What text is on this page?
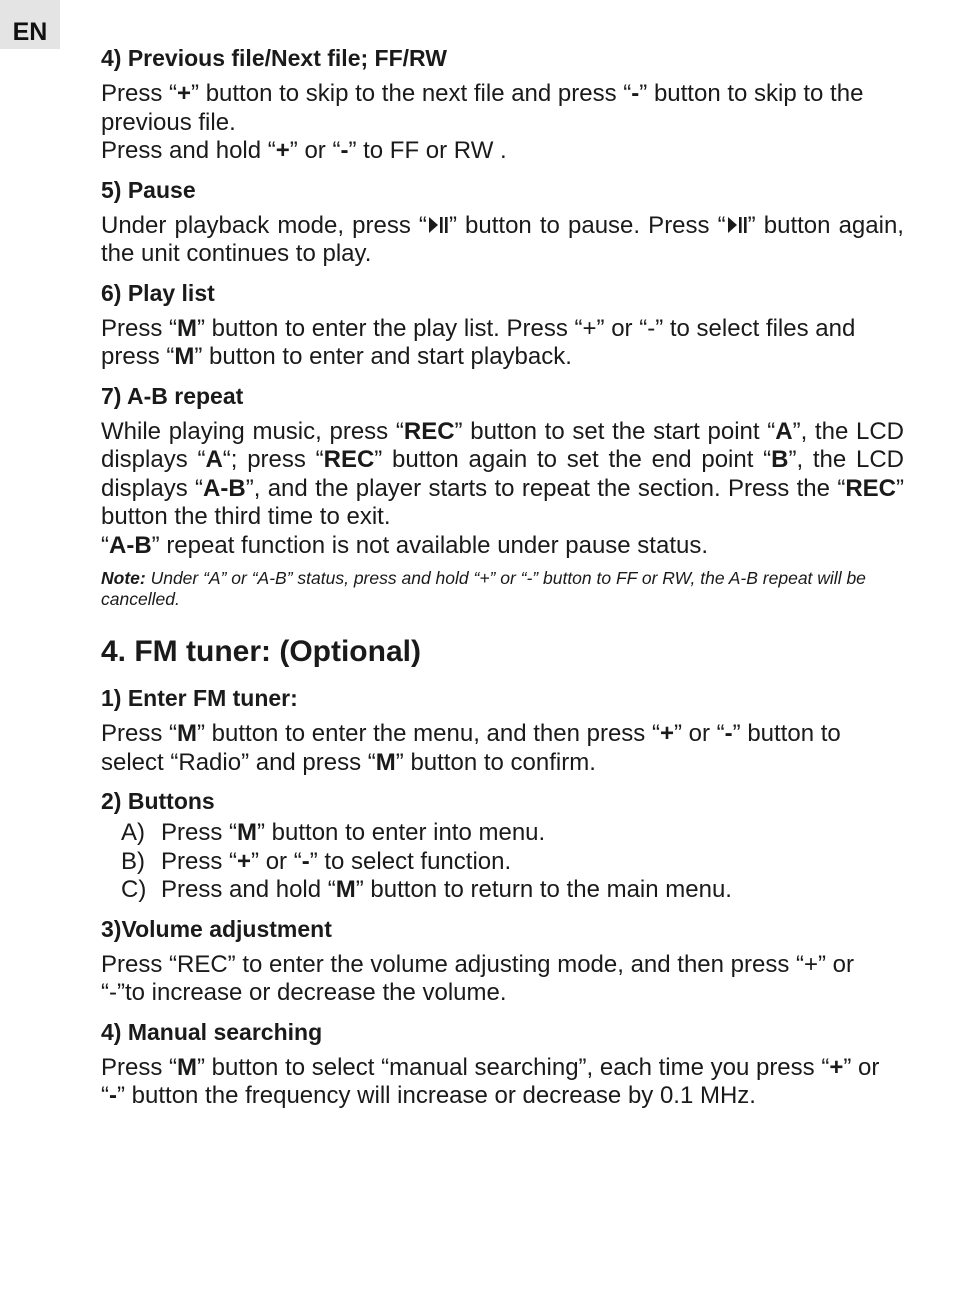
EN
4) Previous file/Next file; FF/RW
Press “+” button to skip to the next file and press “-” button to skip to the previous file.
Press and hold “+” or “-” to FF or RW .
5) Pause
Under playback mode, press “ ” button to pause. Press “ ” button again, the unit continues to play.
6) Play list
Press “M” button to enter the play list. Press “+” or “-” to select files and press “M” button to enter and start playback.
7) A-B repeat
While playing music, press “REC” button to set the start point “A”, the LCD displays “A“; press “REC” button again to set the end point “B”, the LCD displays “A-B”, and the player starts to repeat the section. Press the “REC” button the third time to exit.
“A-B” repeat function is not available under pause status.
Note: Under “A” or “A-B” status, press and hold “+” or “-” button to FF or RW, the A-B repeat will be cancelled.
4. FM tuner: (Optional)
1) Enter FM tuner:
Press “M” button to enter the menu, and then press “+” or “-” button to select “Radio” and press “M” button to confirm.
2) Buttons
A) Press “M” button to enter into menu.
B) Press “+” or “-” to select function.
C) Press and hold “M” button to return to the main menu.
3)Volume adjustment
Press “REC” to enter the volume adjusting mode, and then press “+” or “-”to increase or decrease the volume.
4) Manual searching
Press “M” button to select “manual searching”, each time you press “+” or “-” button the frequency will increase or decrease by 0.1 MHz.
